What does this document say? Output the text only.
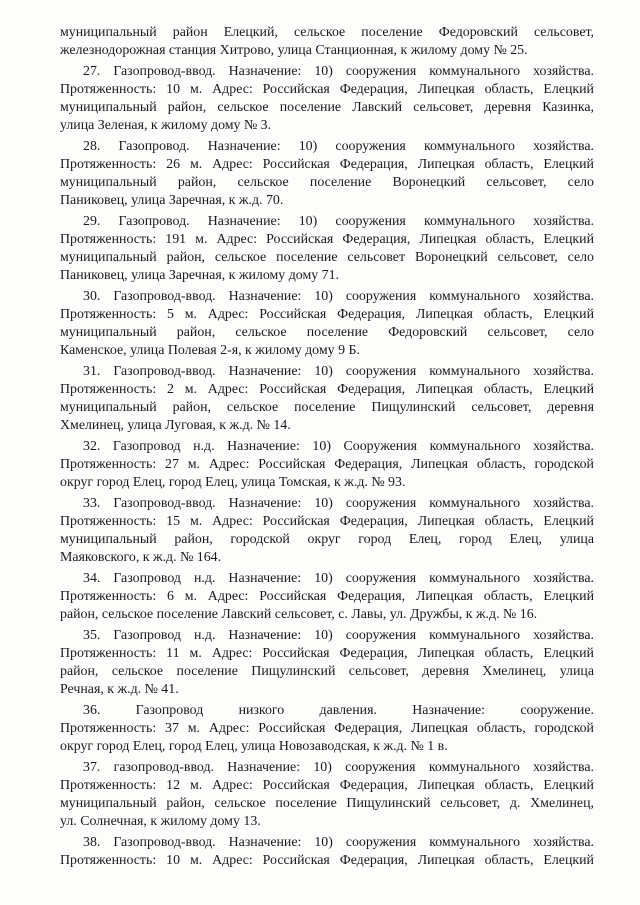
муниципальный район Елецкий, сельское поселение Федоровский сельсовет,
железнодорожная станция Хитрово, улица Станционная, к жилому дому № 25.
27. Газопровод-ввод. Назначение: 10) сооружения коммунального хозяйства.
Протяженность: 10 м. Адрес: Российская Федерация, Липецкая область, Елецкий
муниципальный район, сельское поселение Лавский сельсовет, деревня Казинка,
улица Зеленая, к жилому дому № 3.
28. Газопровод. Назначение: 10) сооружения коммунального хозяйства.
Протяженность: 26 м. Адрес: Российская Федерация, Липецкая область, Елецкий
муниципальный район, сельское поселение Воронецкий сельсовет, село
Паниковец, улица Заречная, к ж.д. 70.
29. Газопровод. Назначение: 10) сооружения коммунального хозяйства.
Протяженность: 191 м. Адрес: Российская Федерация, Липецкая область, Елецкий
муниципальный район, сельское поселение сельсовет Воронецкий сельсовет, село
Паниковец, улица Заречная, к жилому дому 71.
30. Газопровод-ввод. Назначение: 10) сооружения коммунального хозяйства.
Протяженность: 5 м. Адрес: Российская Федерация, Липецкая область, Елецкий
муниципальный район, сельское поселение Федоровский сельсовет, село
Каменское, улица Полевая 2-я, к жилому дому 9 Б.
31. Газопровод-ввод. Назначение: 10) сооружения коммунального хозяйства.
Протяженность: 2 м. Адрес: Российская Федерация, Липецкая область, Елецкий
муниципальный район, сельское поселение Пищулинский сельсовет, деревня
Хмелинец, улица Луговая, к ж.д. № 14.
32. Газопровод н.д. Назначение: 10) Сооружения коммунального хозяйства.
Протяженность: 27 м. Адрес: Российская Федерация, Липецкая область, городской
округ город Елец, город Елец, улица Томская, к ж.д. № 93.
33. Газопровод-ввод. Назначение: 10) сооружения коммунального хозяйства.
Протяженность: 15 м. Адрес: Российская Федерация, Липецкая область, Елецкий
муниципальный район, городской округ город Елец, город Елец, улица
Маяковского, к ж.д. № 164.
34. Газопровод н.д. Назначение: 10) сооружения коммунального хозяйства.
Протяженность: 6 м. Адрес: Российская Федерация, Липецкая область, Елецкий
район, сельское поселение Лавский сельсовет, с. Лавы, ул. Дружбы, к ж.д. № 16.
35. Газопровод н.д. Назначение: 10) сооружения коммунального хозяйства.
Протяженность: 11 м. Адрес: Российская Федерация, Липецкая область, Елецкий
район, сельское поселение Пищулинский сельсовет, деревня Хмелинец, улица
Речная, к ж.д. № 41.
36. Газопровод низкого давления. Назначение: сооружение.
Протяженность: 37 м. Адрес: Российская Федерация, Липецкая область, городской
округ город Елец, город Елец, улица Новозаводская, к ж.д. № 1 в.
37. газопровод-ввод. Назначение: 10) сооружения коммунального хозяйства.
Протяженность: 12 м. Адрес: Российская Федерация, Липецкая область, Елецкий
муниципальный район, сельское поселение Пищулинский сельсовет, д. Хмелинец,
ул. Солнечная, к жилому дому 13.
38. Газопровод-ввод. Назначение: 10) сооружения коммунального хозяйства.
Протяженность: 10 м. Адрес: Российская Федерация, Липецкая область, Елецкий
